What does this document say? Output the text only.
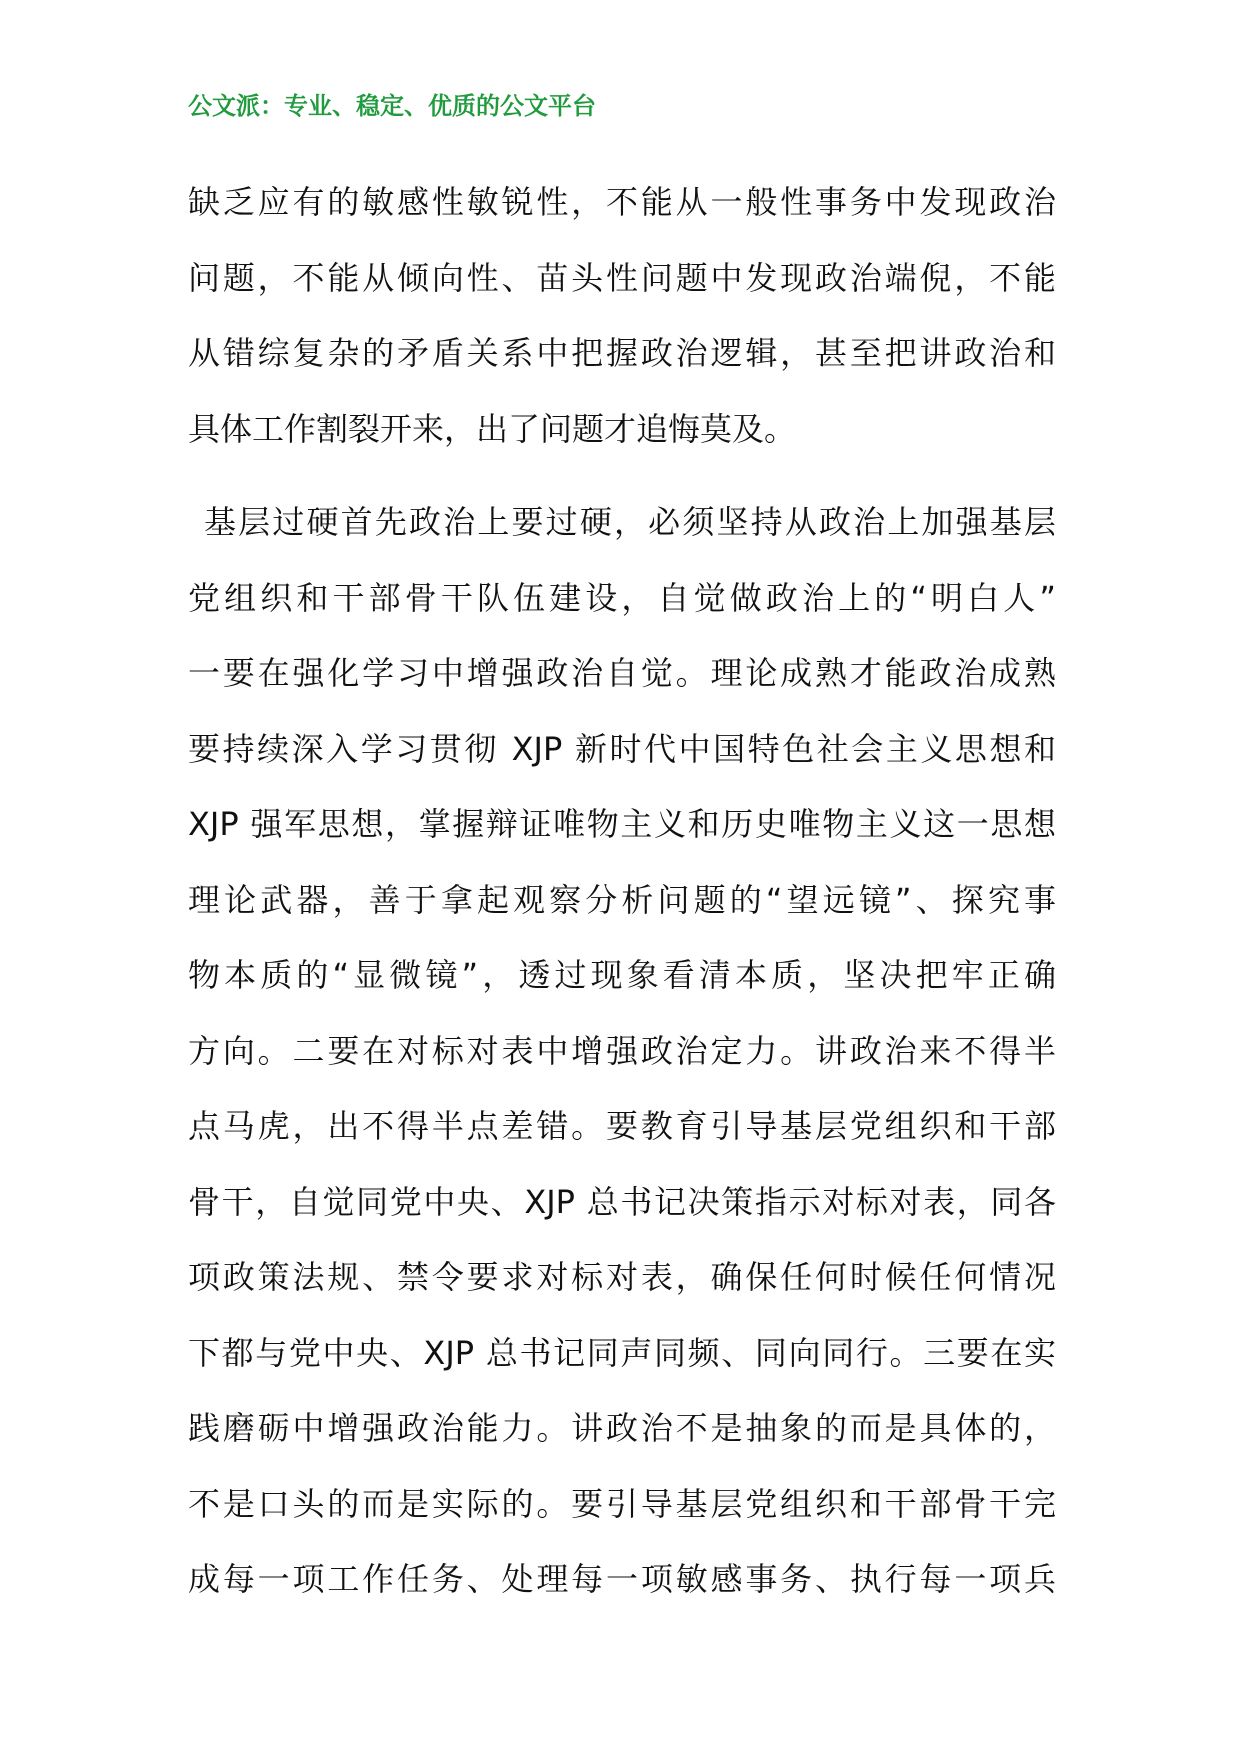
公文派：专业、稳定、优质的公文平台
缺乏应有的敏感性敏锐性，不能从一般性事务中发现政治
问题，不能从倾向性、苗头性问题中发现政治端倪，不能
从错综复杂的矛盾关系中把握政治逻辑，甚至把讲政治和
具体工作割裂开来，出了问题才追悔莫及。
基层过硬首先政治上要过硬，必须坚持从政治上加强基层
党组织和干部骨干队伍建设，自觉做政治上的“明白人”
一要在强化学习中增强政治自觉。理论成熟才能政治成熟
要持续深入学习贯彻 XJP 新时代中国特色社会主义思想和
XJP 强军思想，掌握辩证唯物主义和历史唯物主义这一思想
理论武器，善于拿起观察分析问题的“望远镜”、探究事
物本质的“显微镜”，透过现象看清本质，坚决把牢正确
方向。二要在对标对表中增强政治定力。讲政治来不得半
点马虎，出不得半点差错。要教育引导基层党组织和干部
骨干，自觉同党中央、XJP 总书记决策指示对标对表，同各
项政策法规、禁令要求对标对表，确保任何时候任何情况
下都与党中央、XJP 总书记同声同频、同向同行。三要在实
践磨砺中增强政治能力。讲政治不是抽象的而是具体的，
不是口头的而是实际的。要引导基层党组织和干部骨干完
成每一项工作任务、处理每一项敏感事务、执行每一项兵
